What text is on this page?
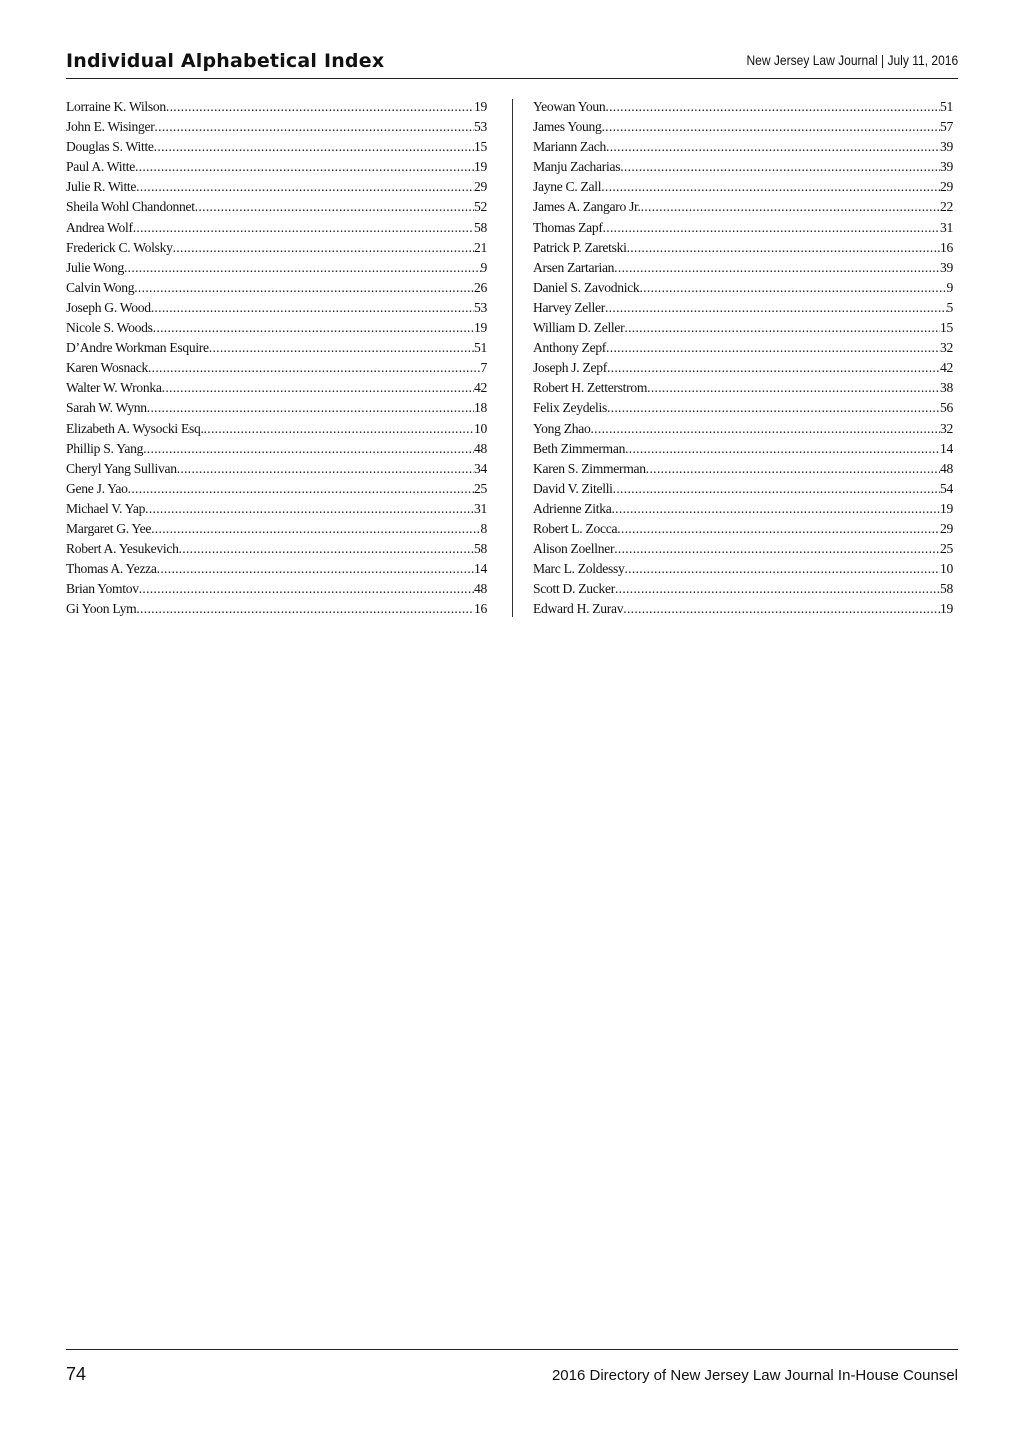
Individual Alphabetical Index	New Jersey Law Journal | July 11, 2016
Lorraine K. Wilson .....	19
John E. Wisinger .....	53
Douglas S. Witte .....	15
Paul A. Witte .....	19
Julie R. Witte .....	29
Sheila Wohl Chandonnet .....	52
Andrea Wolf .....	58
Frederick C. Wolsky .....	21
Julie Wong .....	9
Calvin Wong .....	26
Joseph G. Wood .....	53
Nicole S. Woods .....	19
D’Andre Workman Esquire .....	51
Karen Wosnack .....	7
Walter W. Wronka .....	42
Sarah W. Wynn .....	18
Elizabeth A. Wysocki Esq. .....	10
Phillip S. Yang .....	48
Cheryl Yang Sullivan .....	34
Gene J. Yao .....	25
Michael V. Yap .....	31
Margaret G. Yee .....	8
Robert A. Yesukevich .....	58
Thomas A. Yezza .....	14
Brian Yomtov .....	48
Gi Yoon Lym .....	16
Yeowan Youn .....	51
James Young .....	57
Mariann Zach .....	39
Manju Zacharias .....	39
Jayne C. Zall .....	29
James A. Zangaro Jr. .....	22
Thomas Zapf .....	31
Patrick P. Zaretski .....	16
Arsen Zartarian .....	39
Daniel S. Zavodnick .....	9
Harvey Zeller .....	5
William D. Zeller .....	15
Anthony Zepf .....	32
Joseph J. Zepf .....	42
Robert H. Zetterstrom .....	38
Felix Zeydelis .....	56
Yong Zhao .....	32
Beth Zimmerman .....	14
Karen S. Zimmerman .....	48
David V. Zitelli .....	54
Adrienne Zitka .....	19
Robert L. Zocca .....	29
Alison Zoellner .....	25
Marc L. Zoldessy .....	10
Scott D. Zucker .....	58
Edward H. Zurav .....	19
74	2016 Directory of New Jersey Law Journal In-House Counsel
